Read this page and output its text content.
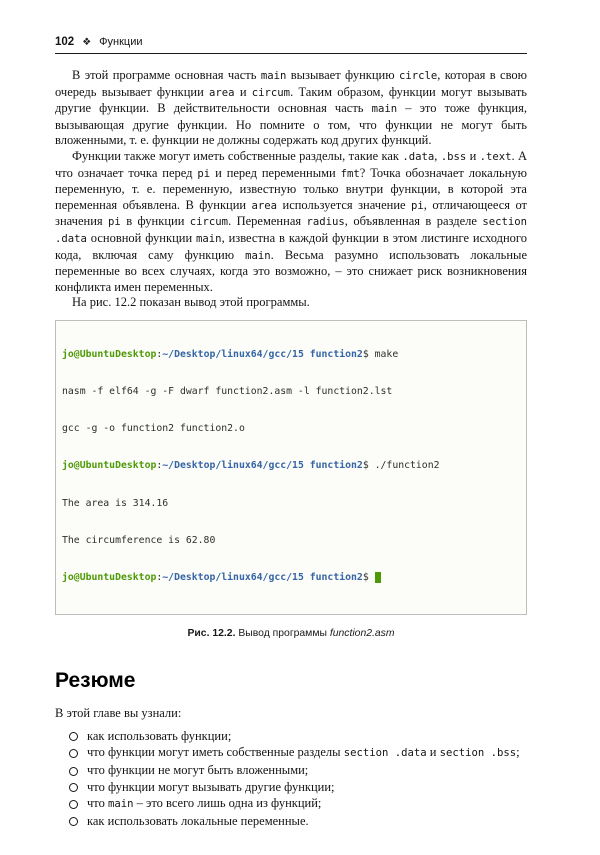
102 ❖ Функции

В этой программе основная часть main вызывает функцию circle, которая в свою очередь вызывает функции area и circum. Таким образом, функции могут вызывать другие функции. В действительности основная часть main – это тоже функция, вызывающая другие функции. Но помните о том, что функции не могут быть вложенными, т. е. функции не должны содержать код других функций.

Функции также могут иметь собственные разделы, такие как .data, .bss и .text. А что означает точка перед pi и перед переменными fmt? Точка обозначает локальную переменную, т. е. переменную, известную только внутри функции, в которой эта переменная объявлена. В функции area используется значение pi, отличающееся от значения pi в функции circum. Переменная radius, объявленная в разделе section .data основной функции main, известна в каждой функции в этом листинге исходного кода, включая саму функцию main. Весьма разумно использовать локальные переменные во всех случаях, когда это возможно, – это снижает риск возникновения конфликта имен переменных.

На рис. 12.2 показан вывод этой программы.

jo@UbuntuDesktop:~/Desktop/linux64/gcc/15 function2$ make

nasm -f elf64 -g -F dwarf function2.asm -l function2.lst

gcc -g -o function2 function2.o

jo@UbuntuDesktop:~/Desktop/linux64/gcc/15 function2$ ./function2

The area is 314.16

The circumference is 62.80

jo@UbuntuDesktop:~/Desktop/linux64/gcc/15 function2$

Рис. 12.2. Вывод программы function2.asm
Резюме

В этой главе вы узнали:

как использовать функции;
что функции могут иметь собственные разделы section .data и section .bss;
что функции не могут быть вложенными;
что функции могут вызывать другие функции;
что main – это всего лишь одна из функций;
как использовать локальные переменные.
